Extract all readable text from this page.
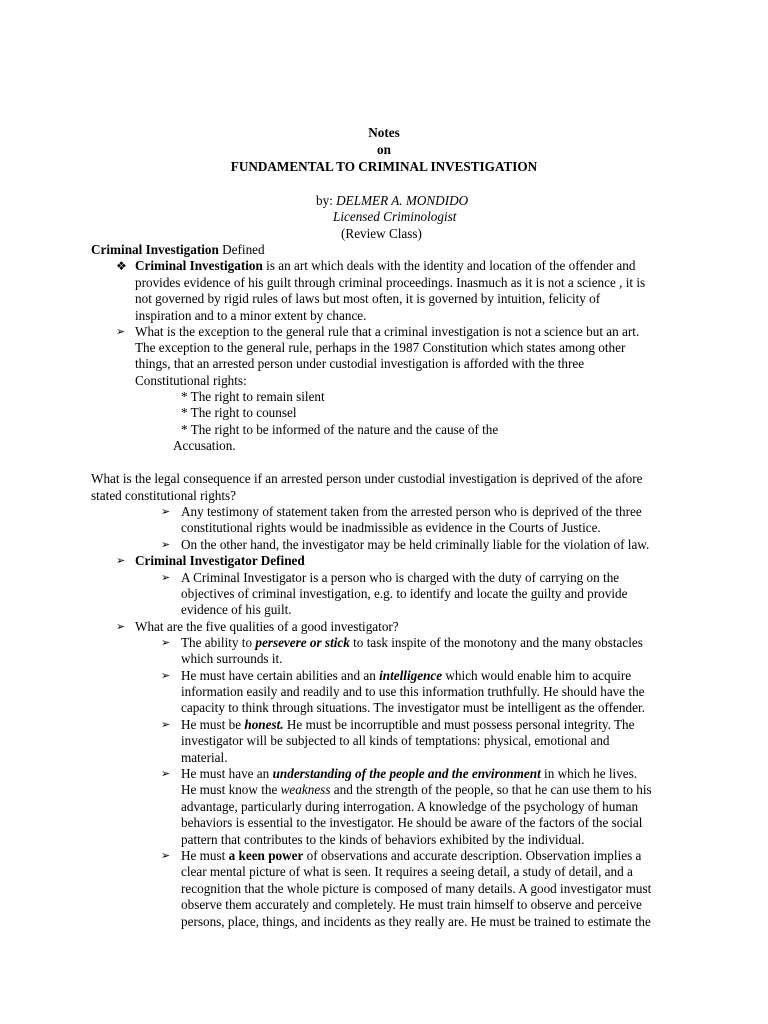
Notes
on
FUNDAMENTAL TO CRIMINAL INVESTIGATION
by: DELMER A. MONDIDO
Licensed Criminologist
(Review Class)
Criminal Investigation Defined
❖ Criminal Investigation is an art which deals with the identity and location of the offender and
provides evidence of his guilt through criminal proceedings. Inasmuch as it is not a science , it is
not governed by rigid rules of laws but most often, it is governed by intuition, felicity of
inspiration and to a minor extent by chance.
➢ What is the exception to the general rule that a criminal investigation is not a science but an art.
The exception to the general rule, perhaps in the 1987 Constitution which states among other
things, that an arrested person under custodial investigation is afforded with the three
Constitutional rights:
* The right to remain silent
* The right to counsel
* The right to be informed of the nature and the cause of the
Accusation.
What is the legal consequence if an arrested person under custodial investigation is deprived of the afore
stated constitutional rights?
➢ Any testimony of statement taken from the arrested person who is deprived of the three
constitutional rights would be inadmissible as evidence in the Courts of Justice.
➢ On the other hand, the investigator may be held criminally liable for the violation of law.
➢ Criminal Investigator Defined
➢ A Criminal Investigator is a person who is charged with the duty of carrying on the
objectives of criminal investigation, e.g. to identify and locate the guilty and provide
evidence of his guilt.
➢ What are the five qualities of a good investigator?
➢ The ability to persevere or stick to task inspite of the monotony and the many obstacles
which surrounds it.
➢ He must have certain abilities and an intelligence which would enable him to acquire
information easily and readily and to use this information truthfully. He should have the
capacity to think through situations. The investigator must be intelligent as the offender.
➢ He must be honest. He must be incorruptible and must possess personal integrity. The
investigator will be subjected to all kinds of temptations: physical, emotional and
material.
➢ He must have an understanding of the people and the environment in which he lives.
He must know the weakness and the strength of the people, so that he can use them to his
advantage, particularly during interrogation. A knowledge of the psychology of human
behaviors is essential to the investigator. He should be aware of the factors of the social
pattern that contributes to the kinds of behaviors exhibited by the individual.
➢ He must a keen power of observations and accurate description. Observation implies a
clear mental picture of what is seen. It requires a seeing detail, a study of detail, and a
recognition that the whole picture is composed of many details. A good investigator must
observe them accurately and completely. He must train himself to observe and perceive
persons, place, things, and incidents as they really are. He must be trained to estimate the
